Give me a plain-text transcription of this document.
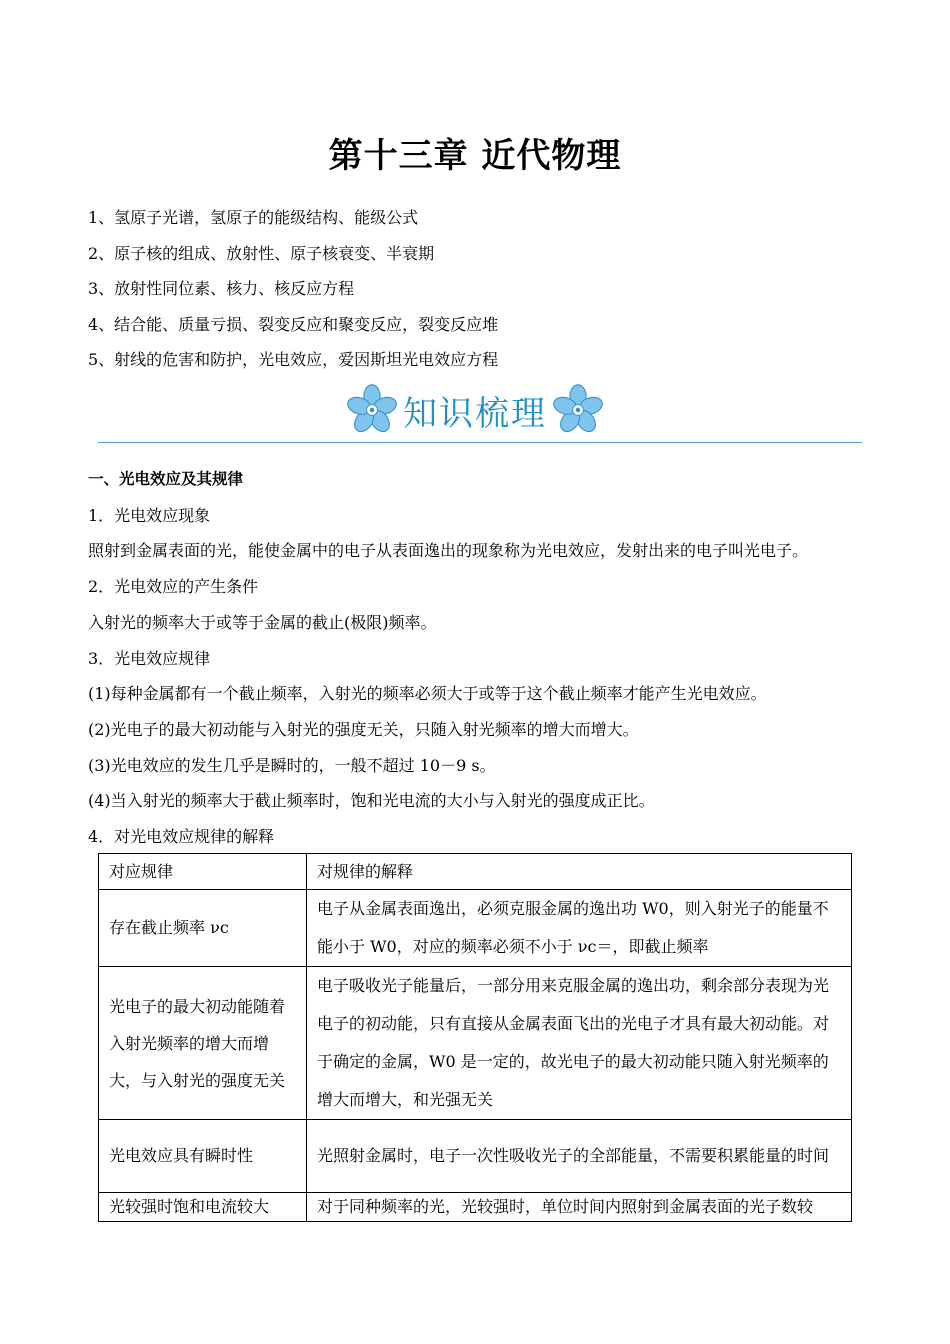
第十三章 近代物理
1、氢原子光谱，氢原子的能级结构、能级公式
2、原子核的组成、放射性、原子核衰变、半衰期
3、放射性同位素、核力、核反应方程
4、结合能、质量亏损、裂变反应和聚变反应，裂变反应堆
5、射线的危害和防护，光电效应，爱因斯坦光电效应方程
知识梳理
一、光电效应及其规律
1．光电效应现象
照射到金属表面的光，能使金属中的电子从表面逸出的现象称为光电效应，发射出来的电子叫光电子。
2．光电效应的产生条件
入射光的频率大于或等于金属的截止(极限)频率。
3．光电效应规律
(1)每种金属都有一个截止频率，入射光的频率必须大于或等于这个截止频率才能产生光电效应。
(2)光电子的最大初动能与入射光的强度无关，只随入射光频率的增大而增大。
(3)光电效应的发生几乎是瞬时的，一般不超过 10－9 s。
(4)当入射光的频率大于截止频率时，饱和光电流的大小与入射光的强度成正比。
4．对光电效应规律的解释
对应规律	对规律的解释
存在截止频率 νc	电子从金属表面逸出，必须克服金属的逸出功 W0，则入射光子的能量不能小于 W0，对应的频率必须不小于 νc＝，即截止频率
光电子的最大初动能随着入射光频率的增大而增大，与入射光的强度无关	电子吸收光子能量后，一部分用来克服金属的逸出功，剩余部分表现为光电子的初动能，只有直接从金属表面飞出的光电子才具有最大初动能。对于确定的金属，W0 是一定的，故光电子的最大初动能只随入射光频率的增大而增大，和光强无关
光电效应具有瞬时性	光照射金属时，电子一次性吸收光子的全部能量，不需要积累能量的时间
光较强时饱和电流较大	对于同种频率的光，光较强时，单位时间内照射到金属表面的光子数较
